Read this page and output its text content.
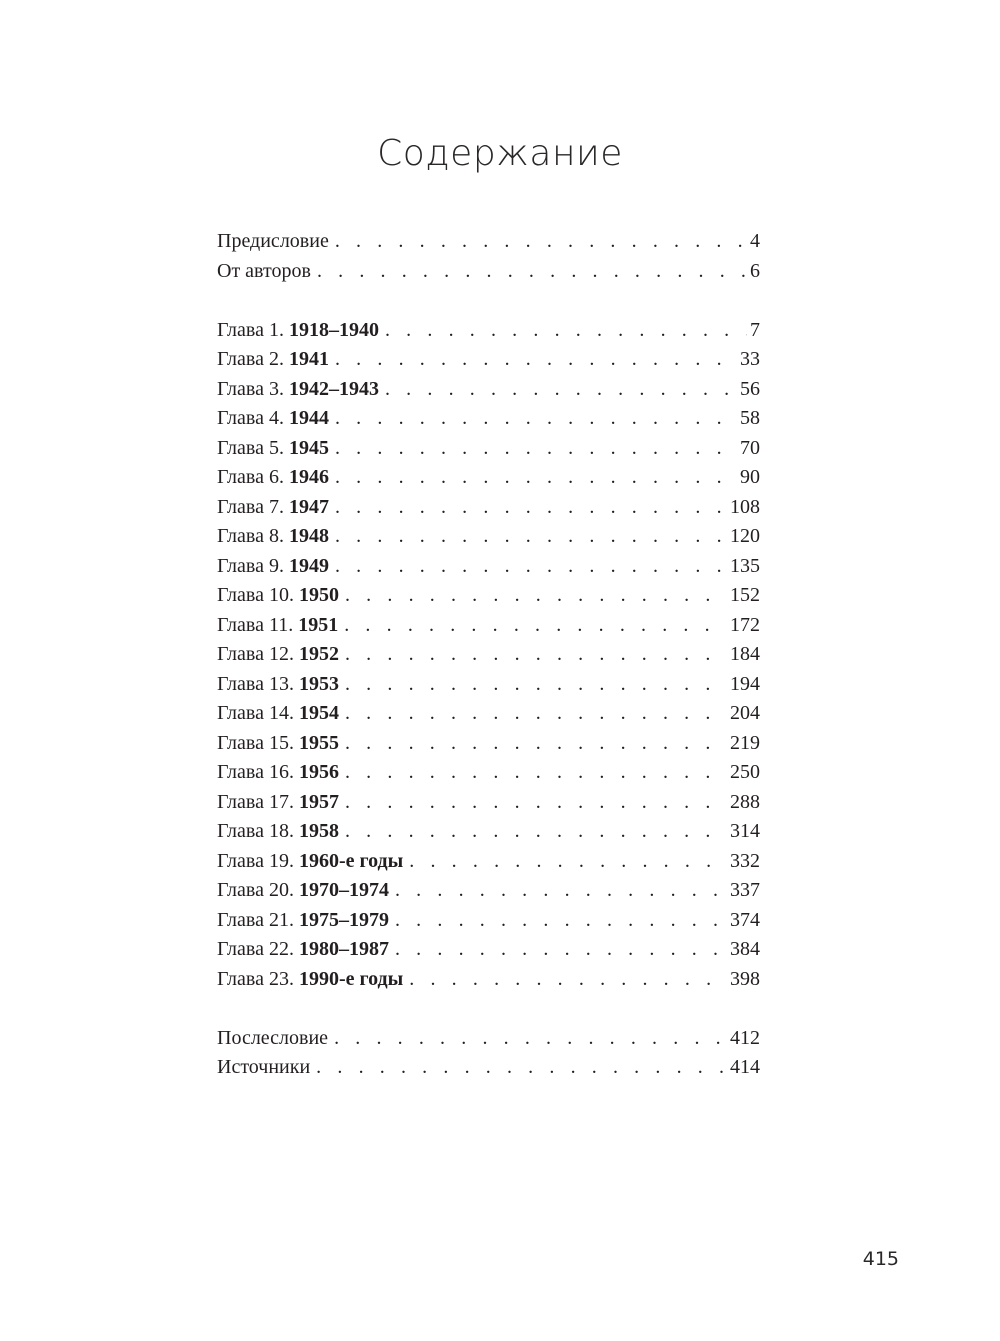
Содержание
Предисловие . . .	4
От авторов . . .	6
Глава 1. 1918–1940 . . .	7
Глава 2. 1941 . . .	33
Глава 3. 1942–1943 . . .	56
Глава 4. 1944 . . .	58
Глава 5. 1945 . . .	70
Глава 6. 1946 . . .	90
Глава 7. 1947 . . .	108
Глава 8. 1948 . . .	120
Глава 9. 1949 . . .	135
Глава 10. 1950 . . .	152
Глава 11. 1951 . . .	172
Глава 12. 1952 . . .	184
Глава 13. 1953 . . .	194
Глава 14. 1954 . . .	204
Глава 15. 1955 . . .	219
Глава 16. 1956 . . .	250
Глава 17. 1957 . . .	288
Глава 18. 1958 . . .	314
Глава 19. 1960-е годы . . .	332
Глава 20. 1970–1974 . . .	337
Глава 21. 1975–1979 . . .	374
Глава 22. 1980–1987 . . .	384
Глава 23. 1990-е годы . . .	398
Послесловие . . .	412
Источники . . .	414
415
